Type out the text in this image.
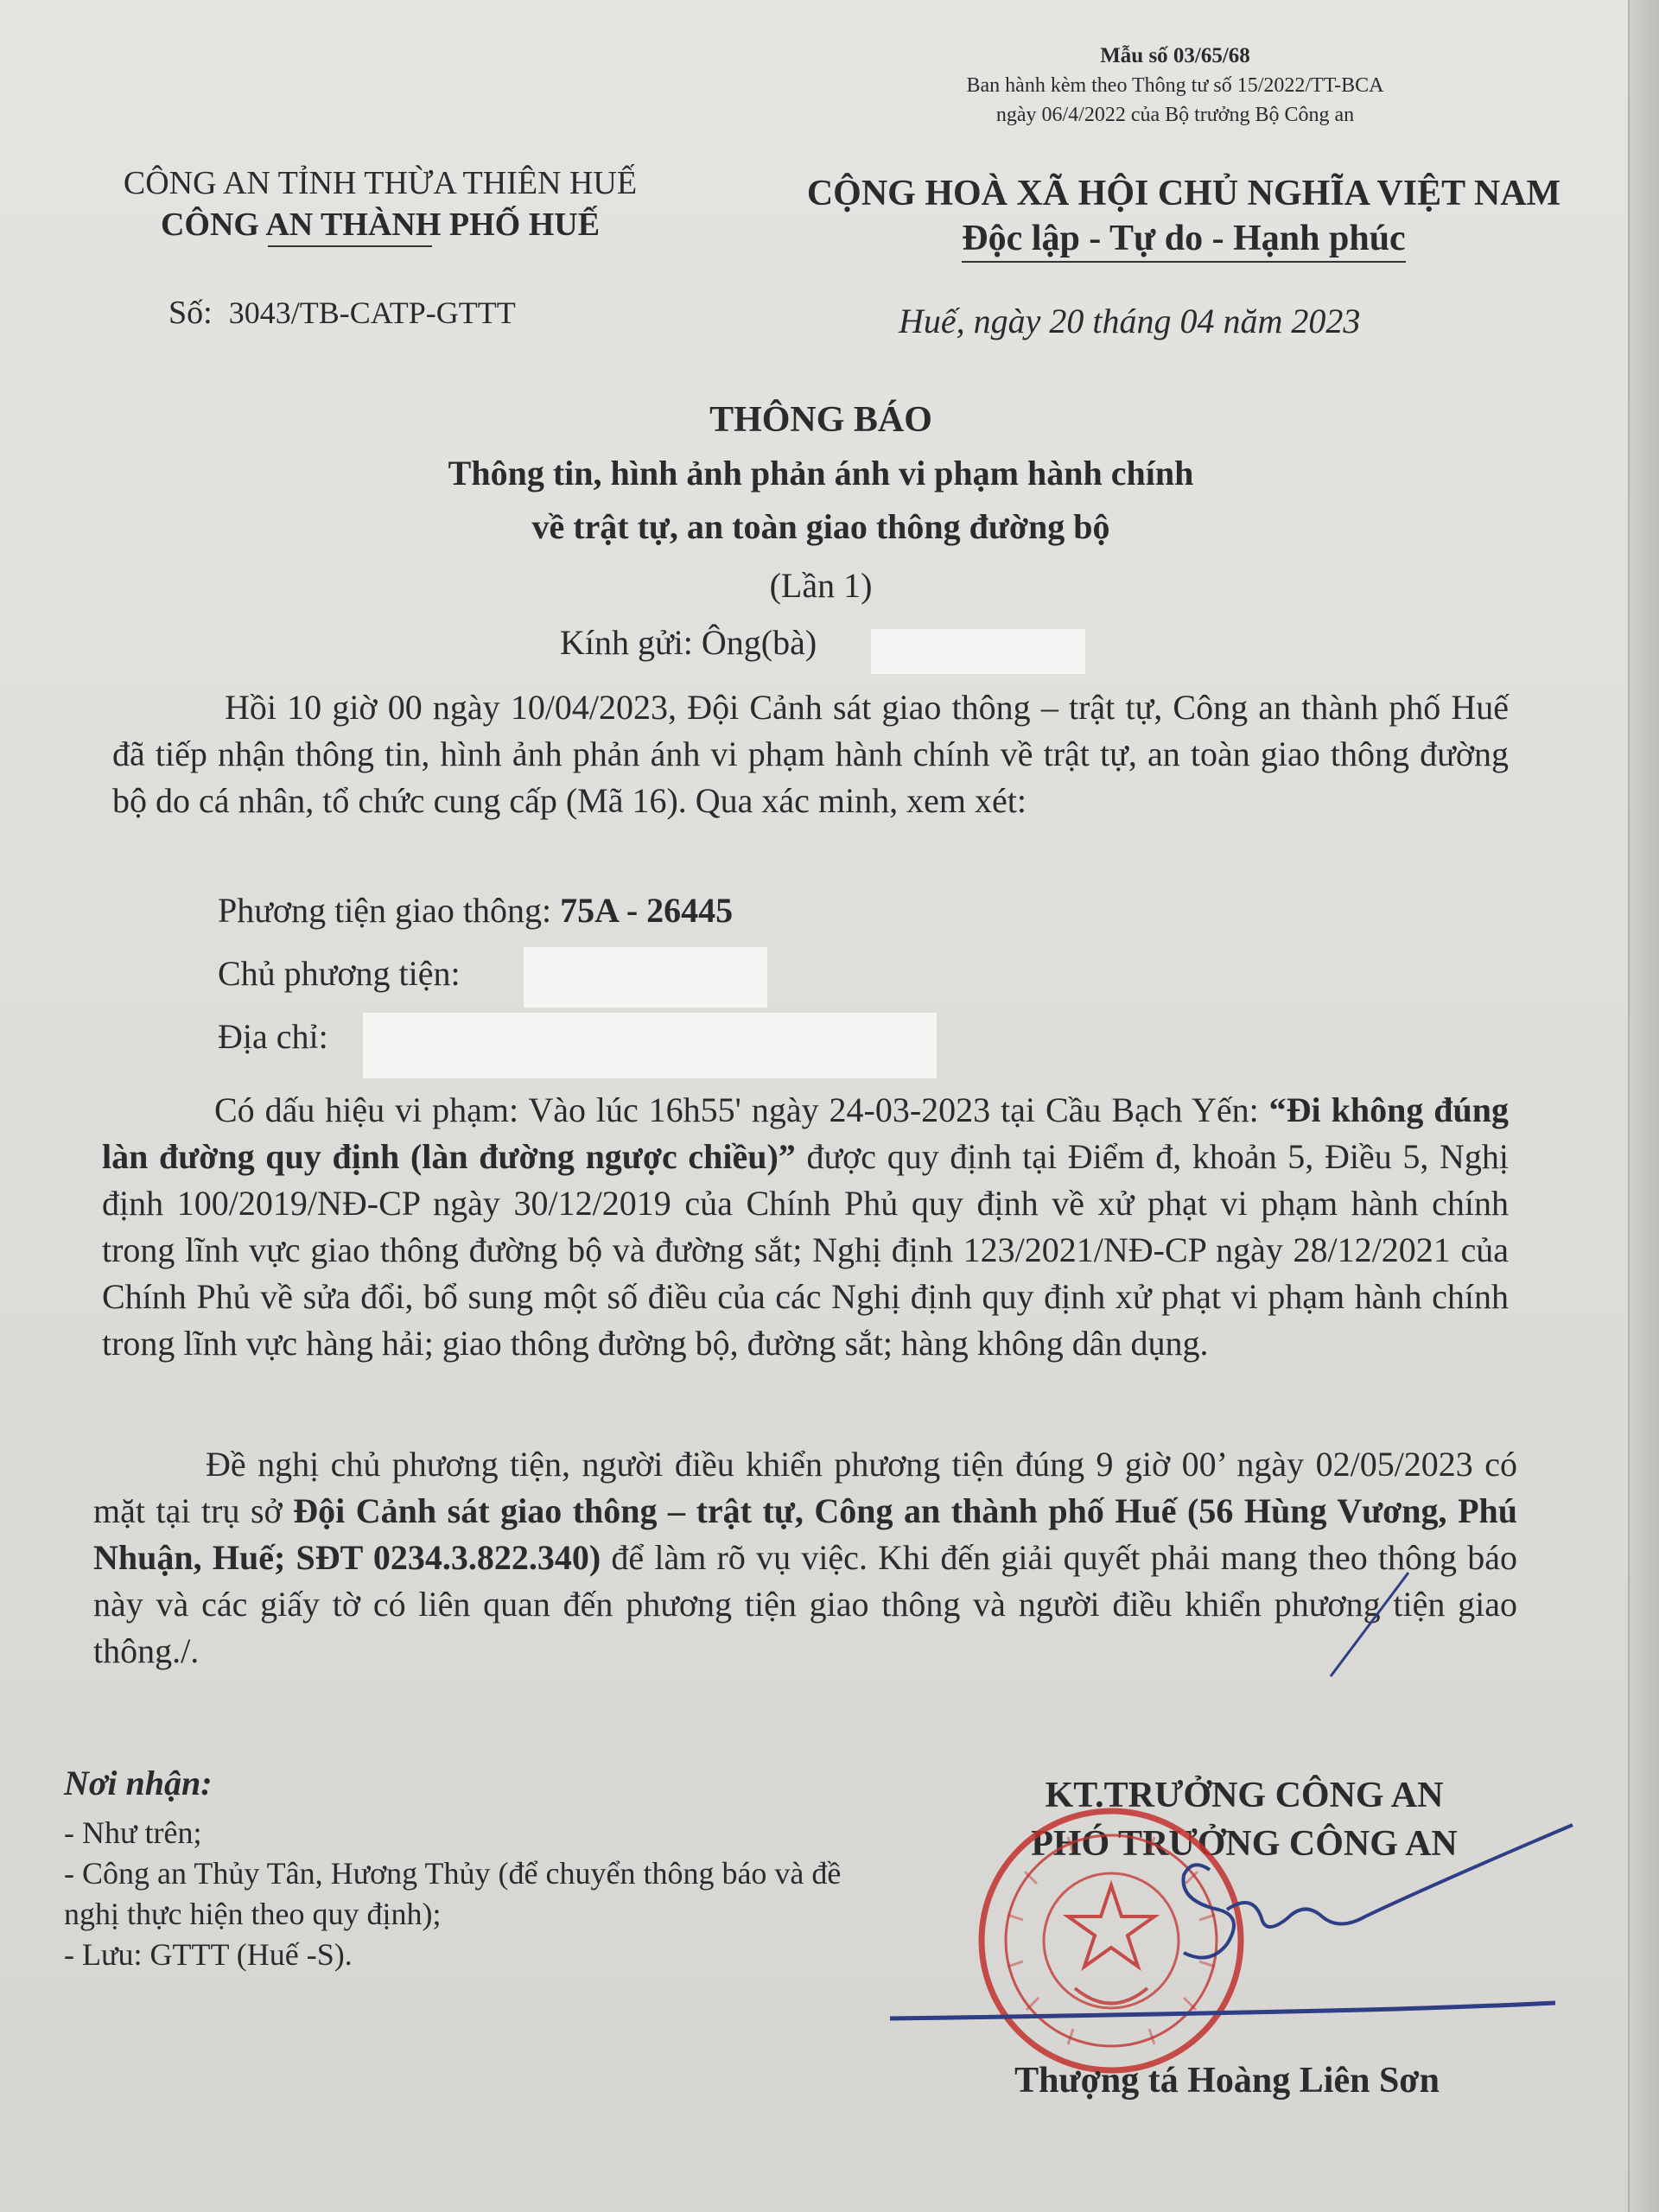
Mẫu số 03/65/68
Ban hành kèm theo Thông tư số 15/2022/TT-BCA
ngày 06/4/2022 của Bộ trưởng Bộ Công an
CÔNG AN TỈNH THỪA THIÊN HUẾ
CÔNG AN THÀNH PHỐ HUẾ
CỘNG HOÀ XÃ HỘI CHỦ NGHĨA VIỆT NAM
Độc lập - Tự do - Hạnh phúc
Số: 3043/TB-CATP-GTTT	Huế, ngày 20 tháng 04 năm 2023
THÔNG BÁO
Thông tin, hình ảnh phản ánh vi phạm hành chính
về trật tự, an toàn giao thông đường bộ
(Lần 1)
Kính gửi: Ông(bà)
Hồi 10 giờ 00 ngày 10/04/2023, Đội Cảnh sát giao thông – trật tự, Công an thành phố Huế đã tiếp nhận thông tin, hình ảnh phản ánh vi phạm hành chính về trật tự, an toàn giao thông đường bộ do cá nhân, tổ chức cung cấp (Mã 16). Qua xác minh, xem xét:
Phương tiện giao thông: 75A - 26445
Chủ phương tiện:
Địa chỉ:
Có dấu hiệu vi phạm: Vào lúc 16h55' ngày 24-03-2023 tại Cầu Bạch Yến: “Đi không đúng làn đường quy định (làn đường ngược chiều)” được quy định tại Điểm đ, khoản 5, Điều 5, Nghị định 100/2019/NĐ-CP ngày 30/12/2019 của Chính Phủ quy định về xử phạt vi phạm hành chính trong lĩnh vực giao thông đường bộ và đường sắt; Nghị định 123/2021/NĐ-CP ngày 28/12/2021 của Chính Phủ về sửa đổi, bổ sung một số điều của các Nghị định quy định xử phạt vi phạm hành chính trong lĩnh vực hàng hải; giao thông đường bộ, đường sắt; hàng không dân dụng.
Đề nghị chủ phương tiện, người điều khiển phương tiện đúng 9 giờ 00’ ngày 02/05/2023 có mặt tại trụ sở Đội Cảnh sát giao thông – trật tự, Công an thành phố Huế (56 Hùng Vương, Phú Nhuận, Huế; SĐT 0234.3.822.340) để làm rõ vụ việc. Khi đến giải quyết phải mang theo thông báo này và các giấy tờ có liên quan đến phương tiện giao thông và người điều khiển phương tiện giao thông./.
Nơi nhận:
- Như trên;
- Công an Thủy Tân, Hương Thủy (để chuyển thông báo và đề nghị thực hiện theo quy định);
- Lưu: GTTT (Huế -S).
KT.TRƯỞNG CÔNG AN
PHÓ TRƯỞNG CÔNG AN
Thượng tá Hoàng Liên Sơn
